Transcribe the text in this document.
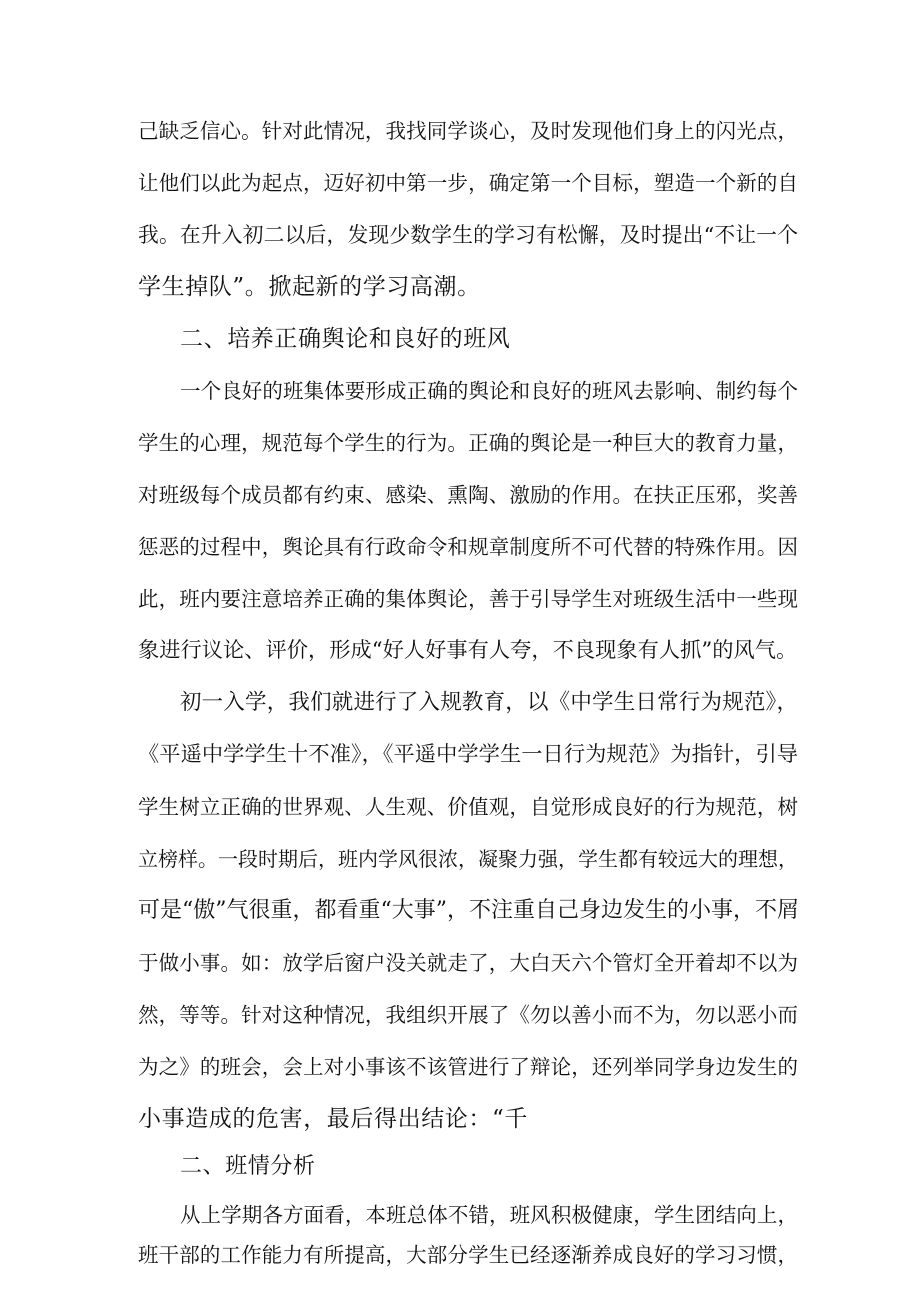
己缺乏信心。针对此情况，我找同学谈心，及时发现他们身上的闪光点，
让他们以此为起点，迈好初中第一步，确定第一个目标，塑造一个新的自
我。在升入初二以后，发现少数学生的学习有松懈，及时提出“不让一个
学生掉队”。掀起新的学习高潮。
二、培养正确舆论和良好的班风
一个良好的班集体要形成正确的舆论和良好的班风去影响、制约每个
学生的心理，规范每个学生的行为。正确的舆论是一种巨大的教育力量，
对班级每个成员都有约束、感染、熏陶、激励的作用。在扶正压邪，奖善
惩恶的过程中，舆论具有行政命令和规章制度所不可代替的特殊作用。因
此，班内要注意培养正确的集体舆论，善于引导学生对班级生活中一些现
象进行议论、评价，形成“好人好事有人夸，不良现象有人抓”的风气。
初一入学，我们就进行了入规教育，以《中学生日常行为规范》，
《平遥中学学生十不准》，《平遥中学学生一日行为规范》为指针，引导
学生树立正确的世界观、人生观、价值观，自觉形成良好的行为规范，树
立榜样。一段时期后，班内学风很浓，凝聚力强，学生都有较远大的理想，
可是“傲”气很重，都看重“大事”，不注重自己身边发生的小事，不屑
于做小事。如：放学后窗户没关就走了，大白天六个管灯全开着却不以为
然，等等。针对这种情况，我组织开展了《勿以善小而不为，勿以恶小而
为之》的班会，会上对小事该不该管进行了辩论，还列举同学身边发生的
小事造成的危害，最后得出结论：“千
二、班情分析
从上学期各方面看，本班总体不错，班风积极健康，学生团结向上，
班干部的工作能力有所提高，大部分学生已经逐渐养成良好的学习习惯，
